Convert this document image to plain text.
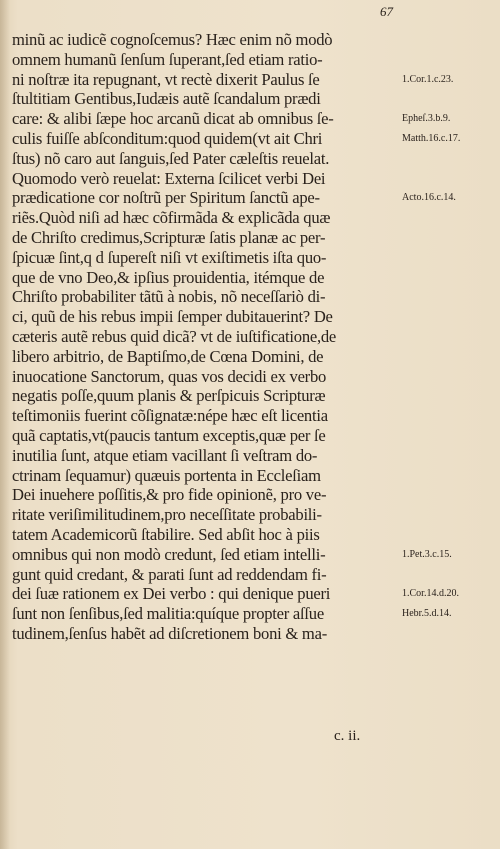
67
minũ ac iudicẽ cognoſcemus? Hæc enim nõ modò
omnem humanũ ſenſum ſuperant,ſed etiam ratio-
ni noſtræ ita repugnant, vt rectè dixerit Paulus ſe
ſtultitiam Gentibus,Iudæis autẽ ſcandalum prædi
care: & alibi ſæpe hoc arcanũ dicat ab omnibus ſe-
culis fuiſſe abſconditum:quod quidem(vt ait Chri
ſtus) nõ caro aut ſanguis,ſed Pater cæleſtis reuelat.
Quomodo verò reuelat: Externa ſcilicet verbi Dei
prædicatione cor noſtrũ per Spiritum ſanctũ ape-
riẽs.Quòd niſi ad hæc cõfirmãda & explicãda quæ
de Chriſto credimus,Scripturæ ſatis planæ ac per-
ſpicuæ ſint,q d ſupereſt niſi vt exiſtimetis iſta quo-
que de vno Deo,& ipſius prouidentia, itémque de
Chriſto probabiliter tãtũ à nobis, nõ neceſſariò di-
ci, quũ de his rebus impii ſemper dubitauerint? De
cæteris autẽ rebus quid dicã? vt de iuſtificatione,de
libero arbitrio, de Baptiſmo,de Cœna Domini, de
inuocatione Sanctorum, quas vos decidi ex verbo
negatis poſſe,quum planis & perſpicuis Scripturæ
teſtimoniis fuerint cõſignatæ:népe hæc eſt licentia
quã captatis,vt(paucis tantum exceptis,quæ per ſe
inutilia ſunt, atque etiam vacillant ſi veſtram do-
ctrinam ſequamur) quæuis portenta in Eccleſiam
Dei inuehere poſſitis,& pro fide opinionẽ, pro ve-
ritate veriſimilitudinem,pro neceſſitate probabili-
tatem Academicorũ ſtabilire. Sed abſit hoc à piis
omnibus qui non modò credunt, ſed etiam intelli-
gunt quid credant, & parati ſunt ad reddendam fi-
dei ſuæ rationem ex Dei verbo : qui denique pueri
ſunt non ſenſibus,ſed malitia:quíque propter aſſue
tudinem,ſenſus habẽt ad diſcretionem boni & ma-
1.Cor.1.c.23.
Epheſ.3.b.9.
Matth.16.c.17.
Acto.16.c.14.
1.Pet.3.c.15.
1.Cor.14.d.20.
Hebr.5.d.14.
c. ii.
